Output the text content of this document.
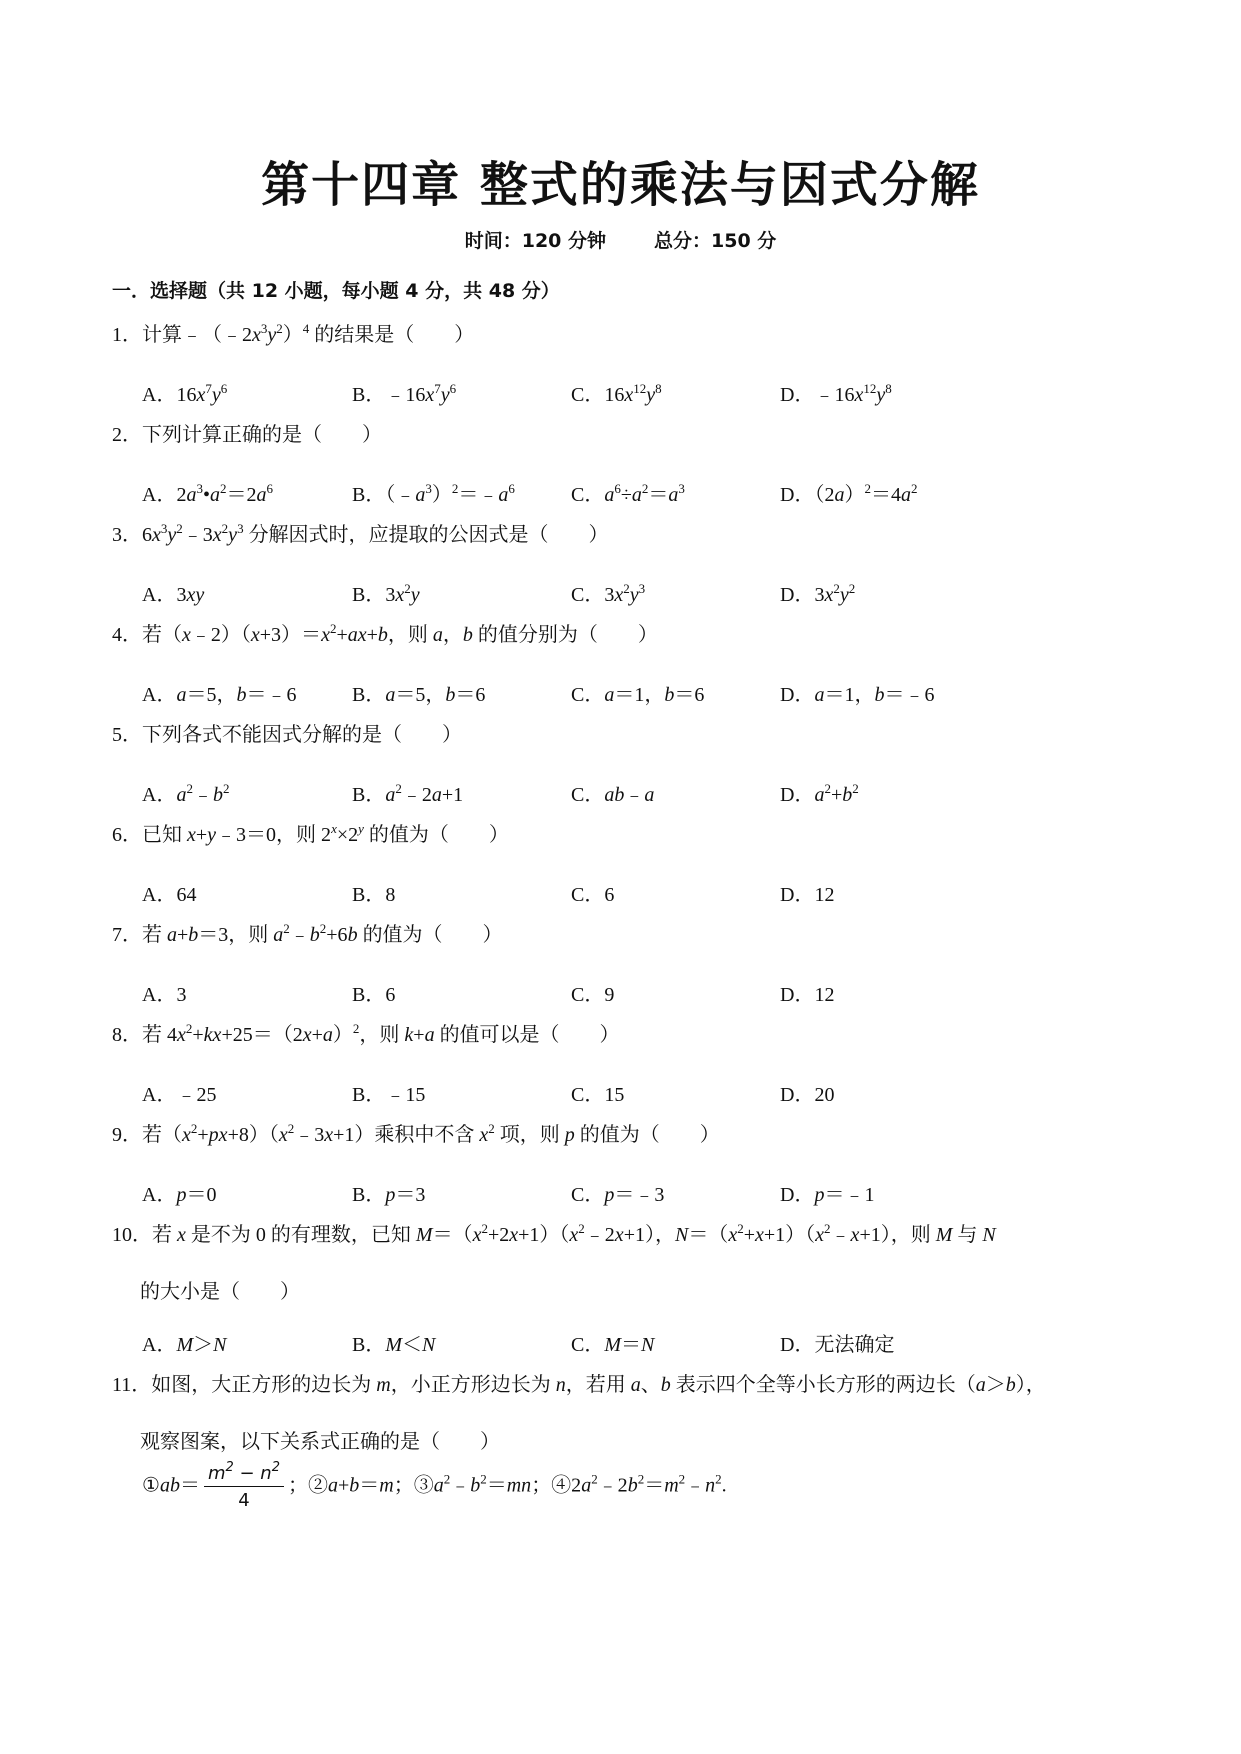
第十四章 整式的乘法与因式分解
时间：120 分钟	总分：150 分
一．选择题（共 12 小题，每小题 4 分，共 48 分）
1．计算$﹣(﹣2x^3y^2)^4$ 的结果是（　　）
A．$16x^7y^6$	B．$﹣16x^7y^6$	C．$16x^{12}y^8$	D．$﹣16x^{12}y^8$
2．下列计算正确的是（　　）
A．$2a^3•a^2=2a^6$	B．$(﹣a^3)^2=﹣a^6$	C．$a^6\div a^2=a^3$	D．$(2a)^2=4a^2$
3．$6x^3y^2﹣3x^2y^3$ 分解因式时，应提取的公因式是（　　）
A．3xy	B．$3x^2y$	C．$3x^2y^3$	D．$3x^2y^2$
4．若$(x﹣2)(x+3)=x^2+ax+b$，则 a，b 的值分别为（　　）
A．a＝5，b＝﹣6	B．a＝5，b＝6	C．a＝1，b＝6	D．a＝1，b＝﹣6
5．下列各式不能因式分解的是（　　）
A．$a^2﹣b^2$	B．$a^2﹣2a+1$	C．ab﹣a	D．$a^2+b^2$
6．已知 x+y﹣3＝0，则 $2^x\times 2^y$ 的值为（　　）
A．64	B．8	C．6	D．12
7．若 a+b＝3，则 $a^2﹣b^2+6b$ 的值为（　　）
A．3	B．6	C．9	D．12
8．若 $4x^2+kx+25=(2x+a)^2$，则 k+a 的值可以是（　　）
A．﹣25	B．﹣15	C．15	D．20
9．若$(x^2+px+8)(x^2﹣3x+1)$乘积中不含 $x^2$ 项，则 p 的值为（　　）
A．p＝0	B．p＝3	C．p＝﹣3	D．p＝﹣1
10．若 x 是不为 0 的有理数，已知 $M=(x^2+2x+1)(x^2﹣2x+1)$，$N=(x^2+x+1)(x^2﹣x+1)$，则 M 与 N
的大小是（　　）
A．M＞N	B．M＜N	C．M＝N	D．无法确定
11．如图，大正方形的边长为 m，小正方形边长为 n，若用 a、b 表示四个全等小长方形的两边长（a＞b），
观察图案，以下关系式正确的是（　　）
①ab＝ $\frac{m^2 - n^2}{4}$ ；②a+b＝m；$③a^2﹣b^2=mn$；$④2a^2﹣2b^2=m^2﹣n^2$.
